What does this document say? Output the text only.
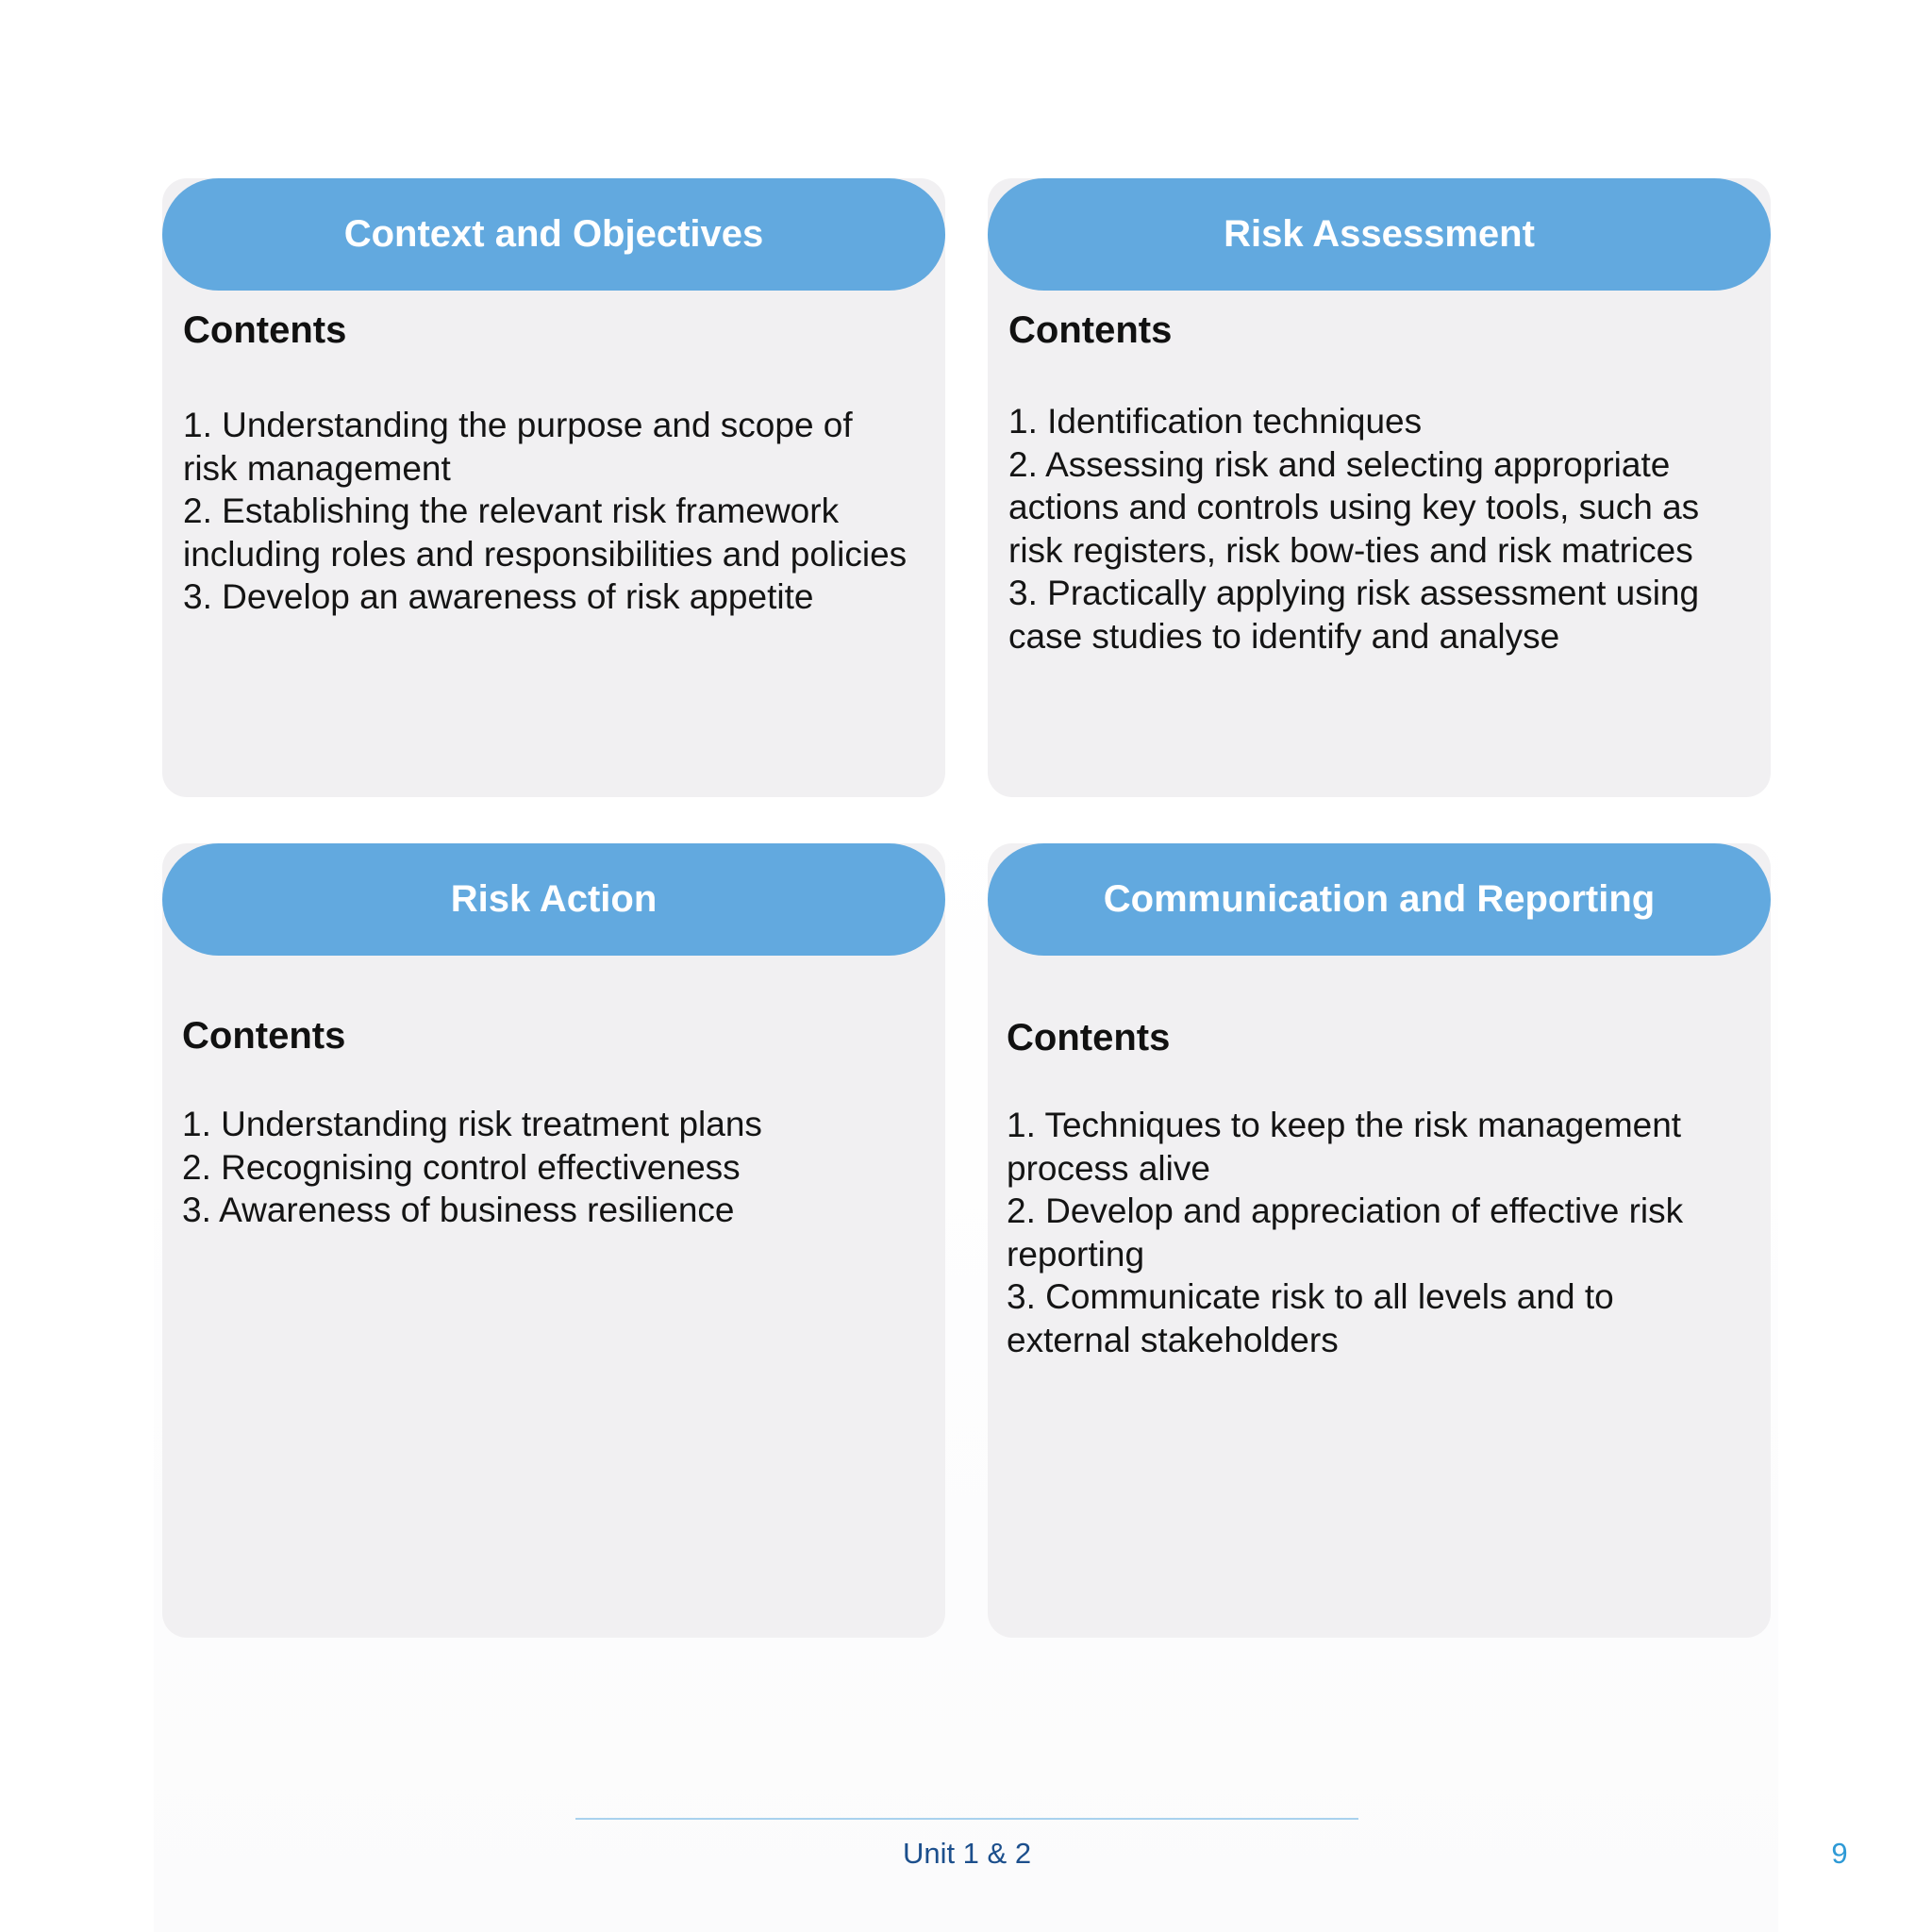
Context and Objectives

Contents

1. Understanding the purpose and scope of risk management
2. Establishing the relevant risk framework including roles and responsibilities and policies
3. Develop an awareness of risk appetite
Risk Assessment

Contents

1. Identification techniques
2. Assessing risk and selecting appropriate actions and controls using key tools, such as risk registers, risk bow-ties and risk matrices
3. Practically applying risk assessment using case studies to identify and analyse
Risk Action

Contents

1. Understanding risk treatment plans
2. Recognising control effectiveness
3. Awareness of business resilience
Communication and Reporting

Contents

1. Techniques to keep the risk management process alive
2. Develop and appreciation of effective risk reporting
3. Communicate risk to all levels and to external stakeholders
Unit 1 & 2	9
